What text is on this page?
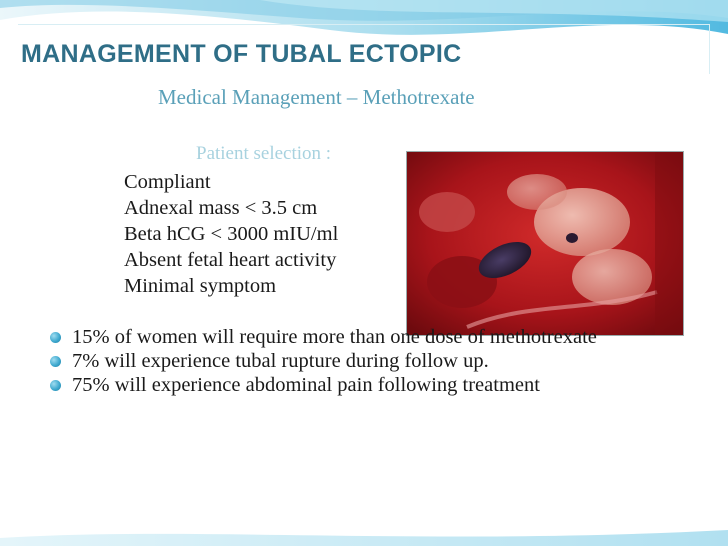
MANAGEMENT OF TUBAL ECTOPIC

Medical Management – Methotrexate

Patient selection :

Compliant
Adnexal mass < 3.5 cm
Beta hCG < 3000 mIU/ml
Absent fetal heart activity
Minimal symptom
15% of women will require more than one dose of methotrexate
7% will experience tubal rupture during follow up.
75% will experience abdominal pain following treatment
